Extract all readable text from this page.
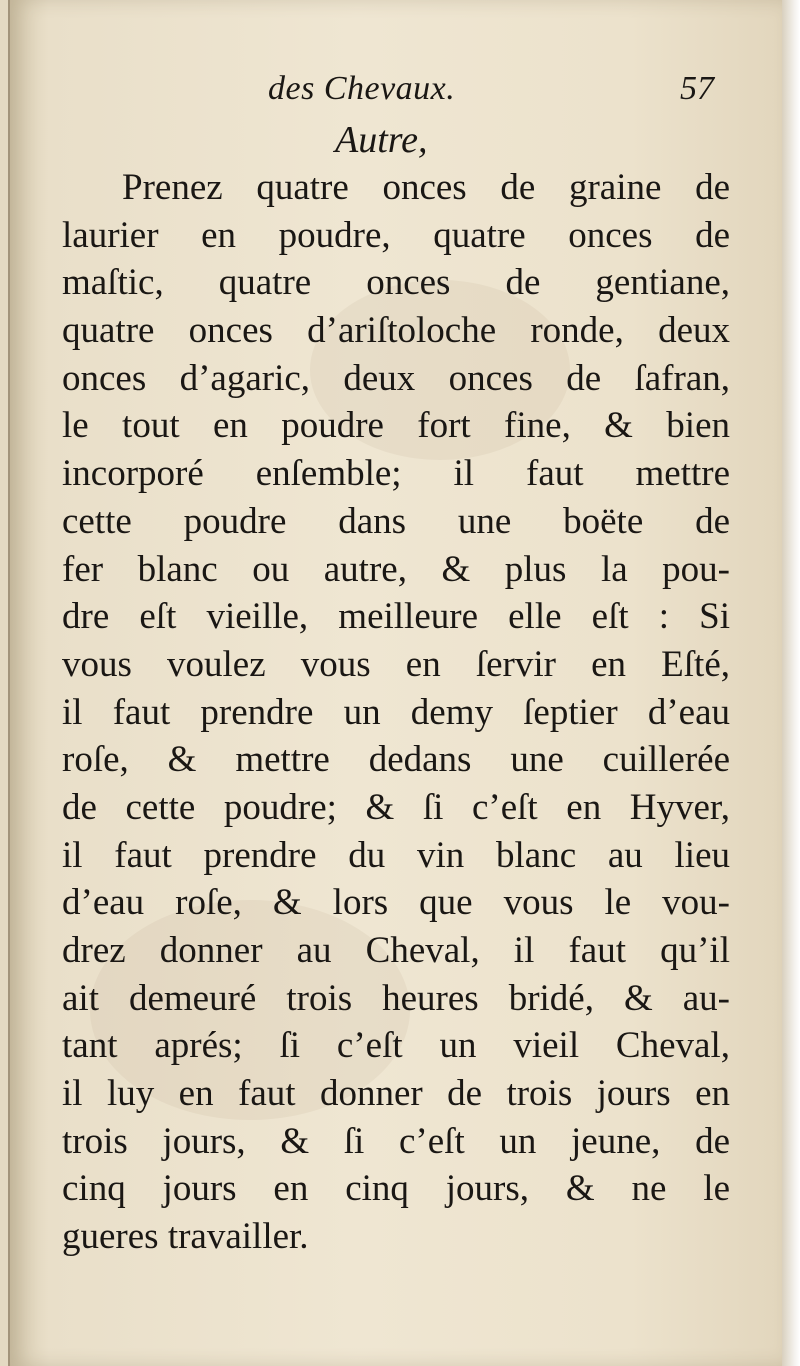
des Chevaux.	57
Autre,
Prenez quatre onces de graine de
laurier en poudre, quatre onces de
maſtic, quatre onces de gentiane,
quatre onces d’ariſtoloche ronde, deux
onces d’agaric, deux onces de ſafran,
le tout en poudre fort fine, & bien
incorporé enſemble; il faut mettre
cette poudre dans une boëte de
fer blanc ou autre, & plus la pou-
dre eſt vieille, meilleure elle eſt : Si
vous voulez vous en ſervir en Eſté,
il faut prendre un demy ſeptier d’eau
roſe, & mettre dedans une cuillerée
de cette poudre; & ſi c’eſt en Hyver,
il faut prendre du vin blanc au lieu
d’eau roſe, & lors que vous le vou-
drez donner au Cheval, il faut qu’il
ait demeuré trois heures bridé, & au-
tant aprés; ſi c’eſt un vieil Cheval,
il luy en faut donner de trois jours en
trois jours, & ſi c’eſt un jeune, de
cinq jours en cinq jours, & ne le
gueres travailler.
